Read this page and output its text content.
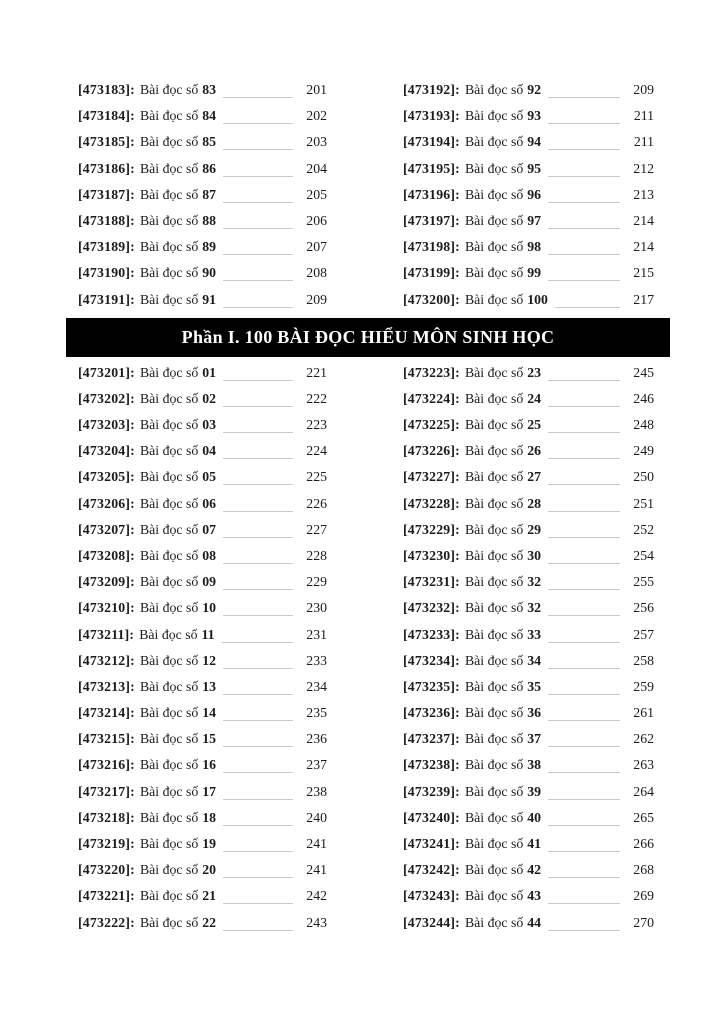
[473183]: Bài đọc số 83	201
[473184]: Bài đọc số 84	202
[473185]: Bài đọc số 85	203
[473186]: Bài đọc số 86	204
[473187]: Bài đọc số 87	205
[473188]: Bài đọc số 88	206
[473189]: Bài đọc số 89	207
[473190]: Bài đọc số 90	208
[473191]: Bài đọc số 91	209
[473192]: Bài đọc số 92	209
[473193]: Bài đọc số 93	211
[473194]: Bài đọc số 94	211
[473195]: Bài đọc số 95	212
[473196]: Bài đọc số 96	213
[473197]: Bài đọc số 97	214
[473198]: Bài đọc số 98	214
[473199]: Bài đọc số 99	215
[473200]: Bài đọc số 100	217
Phần I. 100 BÀI ĐỌC HIỂU MÔN SINH HỌC
[473201]: Bài đọc số 01	221
[473202]: Bài đọc số 02	222
[473203]: Bài đọc số 03	223
[473204]: Bài đọc số 04	224
[473205]: Bài đọc số 05	225
[473206]: Bài đọc số 06	226
[473207]: Bài đọc số 07	227
[473208]: Bài đọc số 08	228
[473209]: Bài đọc số 09	229
[473210]: Bài đọc số 10	230
[473211]: Bài đọc số 11	231
[473212]: Bài đọc số 12	233
[473213]: Bài đọc số 13	234
[473214]: Bài đọc số 14	235
[473215]: Bài đọc số 15	236
[473216]: Bài đọc số 16	237
[473217]: Bài đọc số 17	238
[473218]: Bài đọc số 18	240
[473219]: Bài đọc số 19	241
[473220]: Bài đọc số 20	241
[473221]: Bài đọc số 21	242
[473222]: Bài đọc số 22	243
[473223]: Bài đọc số 23	245
[473224]: Bài đọc số 24	246
[473225]: Bài đọc số 25	248
[473226]: Bài đọc số 26	249
[473227]: Bài đọc số 27	250
[473228]: Bài đọc số 28	251
[473229]: Bài đọc số 29	252
[473230]: Bài đọc số 30	254
[473231]: Bài đọc số 32	255
[473232]: Bài đọc số 32	256
[473233]: Bài đọc số 33	257
[473234]: Bài đọc số 34	258
[473235]: Bài đọc số 35	259
[473236]: Bài đọc số 36	261
[473237]: Bài đọc số 37	262
[473238]: Bài đọc số 38	263
[473239]: Bài đọc số 39	264
[473240]: Bài đọc số 40	265
[473241]: Bài đọc số 41	266
[473242]: Bài đọc số 42	268
[473243]: Bài đọc số 43	269
[473244]: Bài đọc số 44	270
